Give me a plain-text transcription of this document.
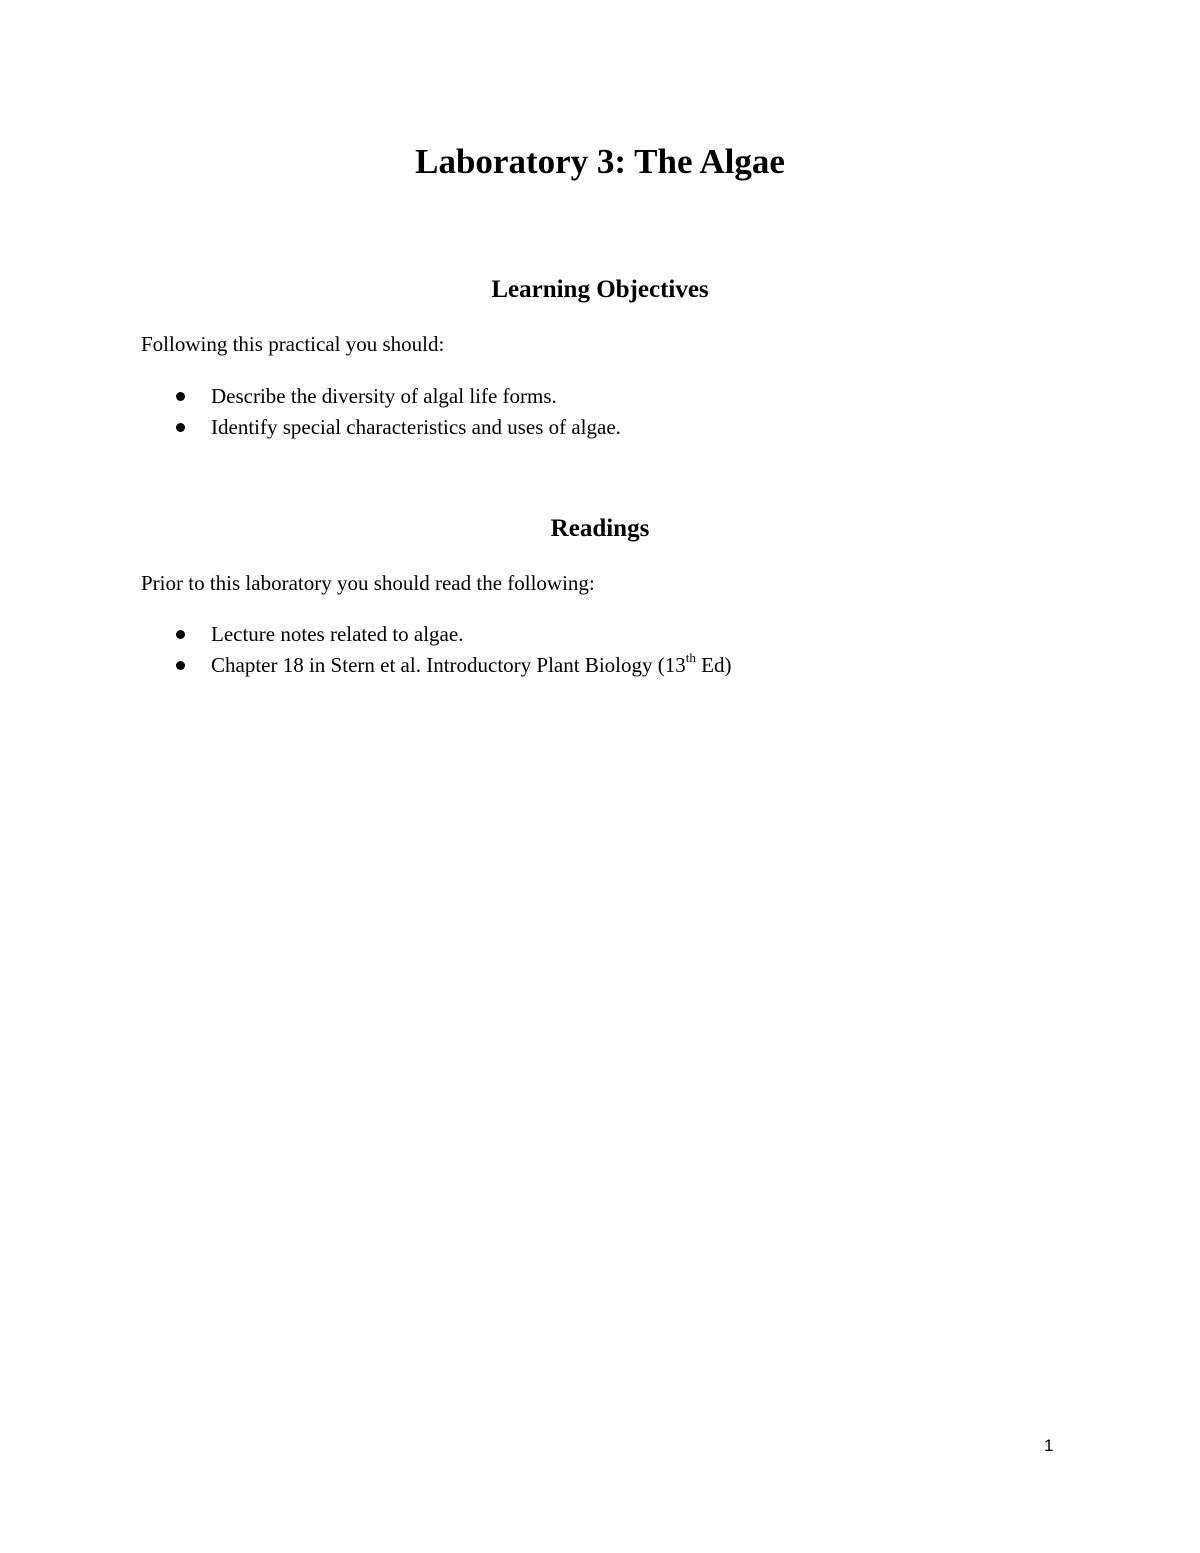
Laboratory 3: The Algae
Learning Objectives

Following this practical you should:

Describe the diversity of algal life forms.
Identify special characteristics and uses of algae.
Readings

Prior to this laboratory you should read the following:

Lecture notes related to algae.
Chapter 18 in Stern et al. Introductory Plant Biology (13th Ed)
1
